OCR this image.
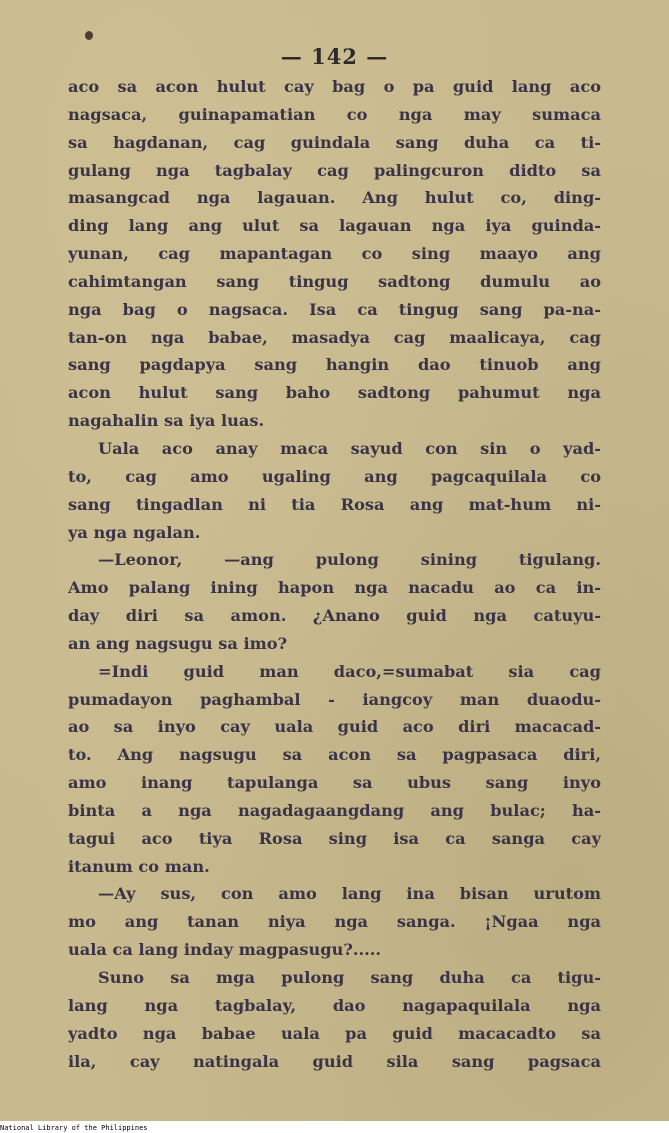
— 142 —
aco sa acon hulut cay bag o pa guid lang aco
nagsaca, guinapamatian co nga may sumaca
sa hagdanan, cag guindala sang duha ca ti-
gulang nga tagbalay cag palingcuron didto sa
masangcad nga lagauan. Ang hulut co, ding-
ding lang ang ulut sa lagauan nga iya guinda-
yunan, cag mapantagan co sing maayo ang
cahimtangan sang tingug sadtong dumulu ao
nga bag o nagsaca. Isa ca tingug sang pa-na-
tan-on nga babae, masadya cag maalicaya, cag
sang pagdapya sang hangin dao tinuob ang
acon hulut sang baho sadtong pahumut nga
nagahalin sa iya luas.
Uala aco anay maca sayud con sin o yad-
to, cag amo ugaling ang pagcaquilala co
sang tingadlan ni tia Rosa ang mat-hum ni-
ya nga ngalan.
—Leonor, —ang pulong sining tigulang.
Amo palang ining hapon nga nacadu ao ca in-
day diri sa amon. ¿Anano guid nga catuyu-
an ang nagsugu sa imo?
=Indi guid man daco,=sumabat sia cag
pumadayon paghambal - iangcoy man duaodu-
ao sa inyo cay uala guid aco diri macacad-
to. Ang nagsugu sa acon sa pagpasaca diri,
amo inang tapulanga sa ubus sang inyo
binta a nga nagadagaangdang ang bulac; ha-
tagui aco tiya Rosa sing isa ca sanga cay
itanum co man.
—Ay sus, con amo lang ina bisan urutom
mo ang tanan niya nga sanga. ¡Ngaa nga
uala ca lang inday magpasugu?.....
Suno sa mga pulong sang duha ca tigu-
lang nga tagbalay, dao nagapaquilala nga
yadto nga babae uala pa guid macacadto sa
ila, cay natingala guid sila sang pagsaca
National Library of the Philippines
